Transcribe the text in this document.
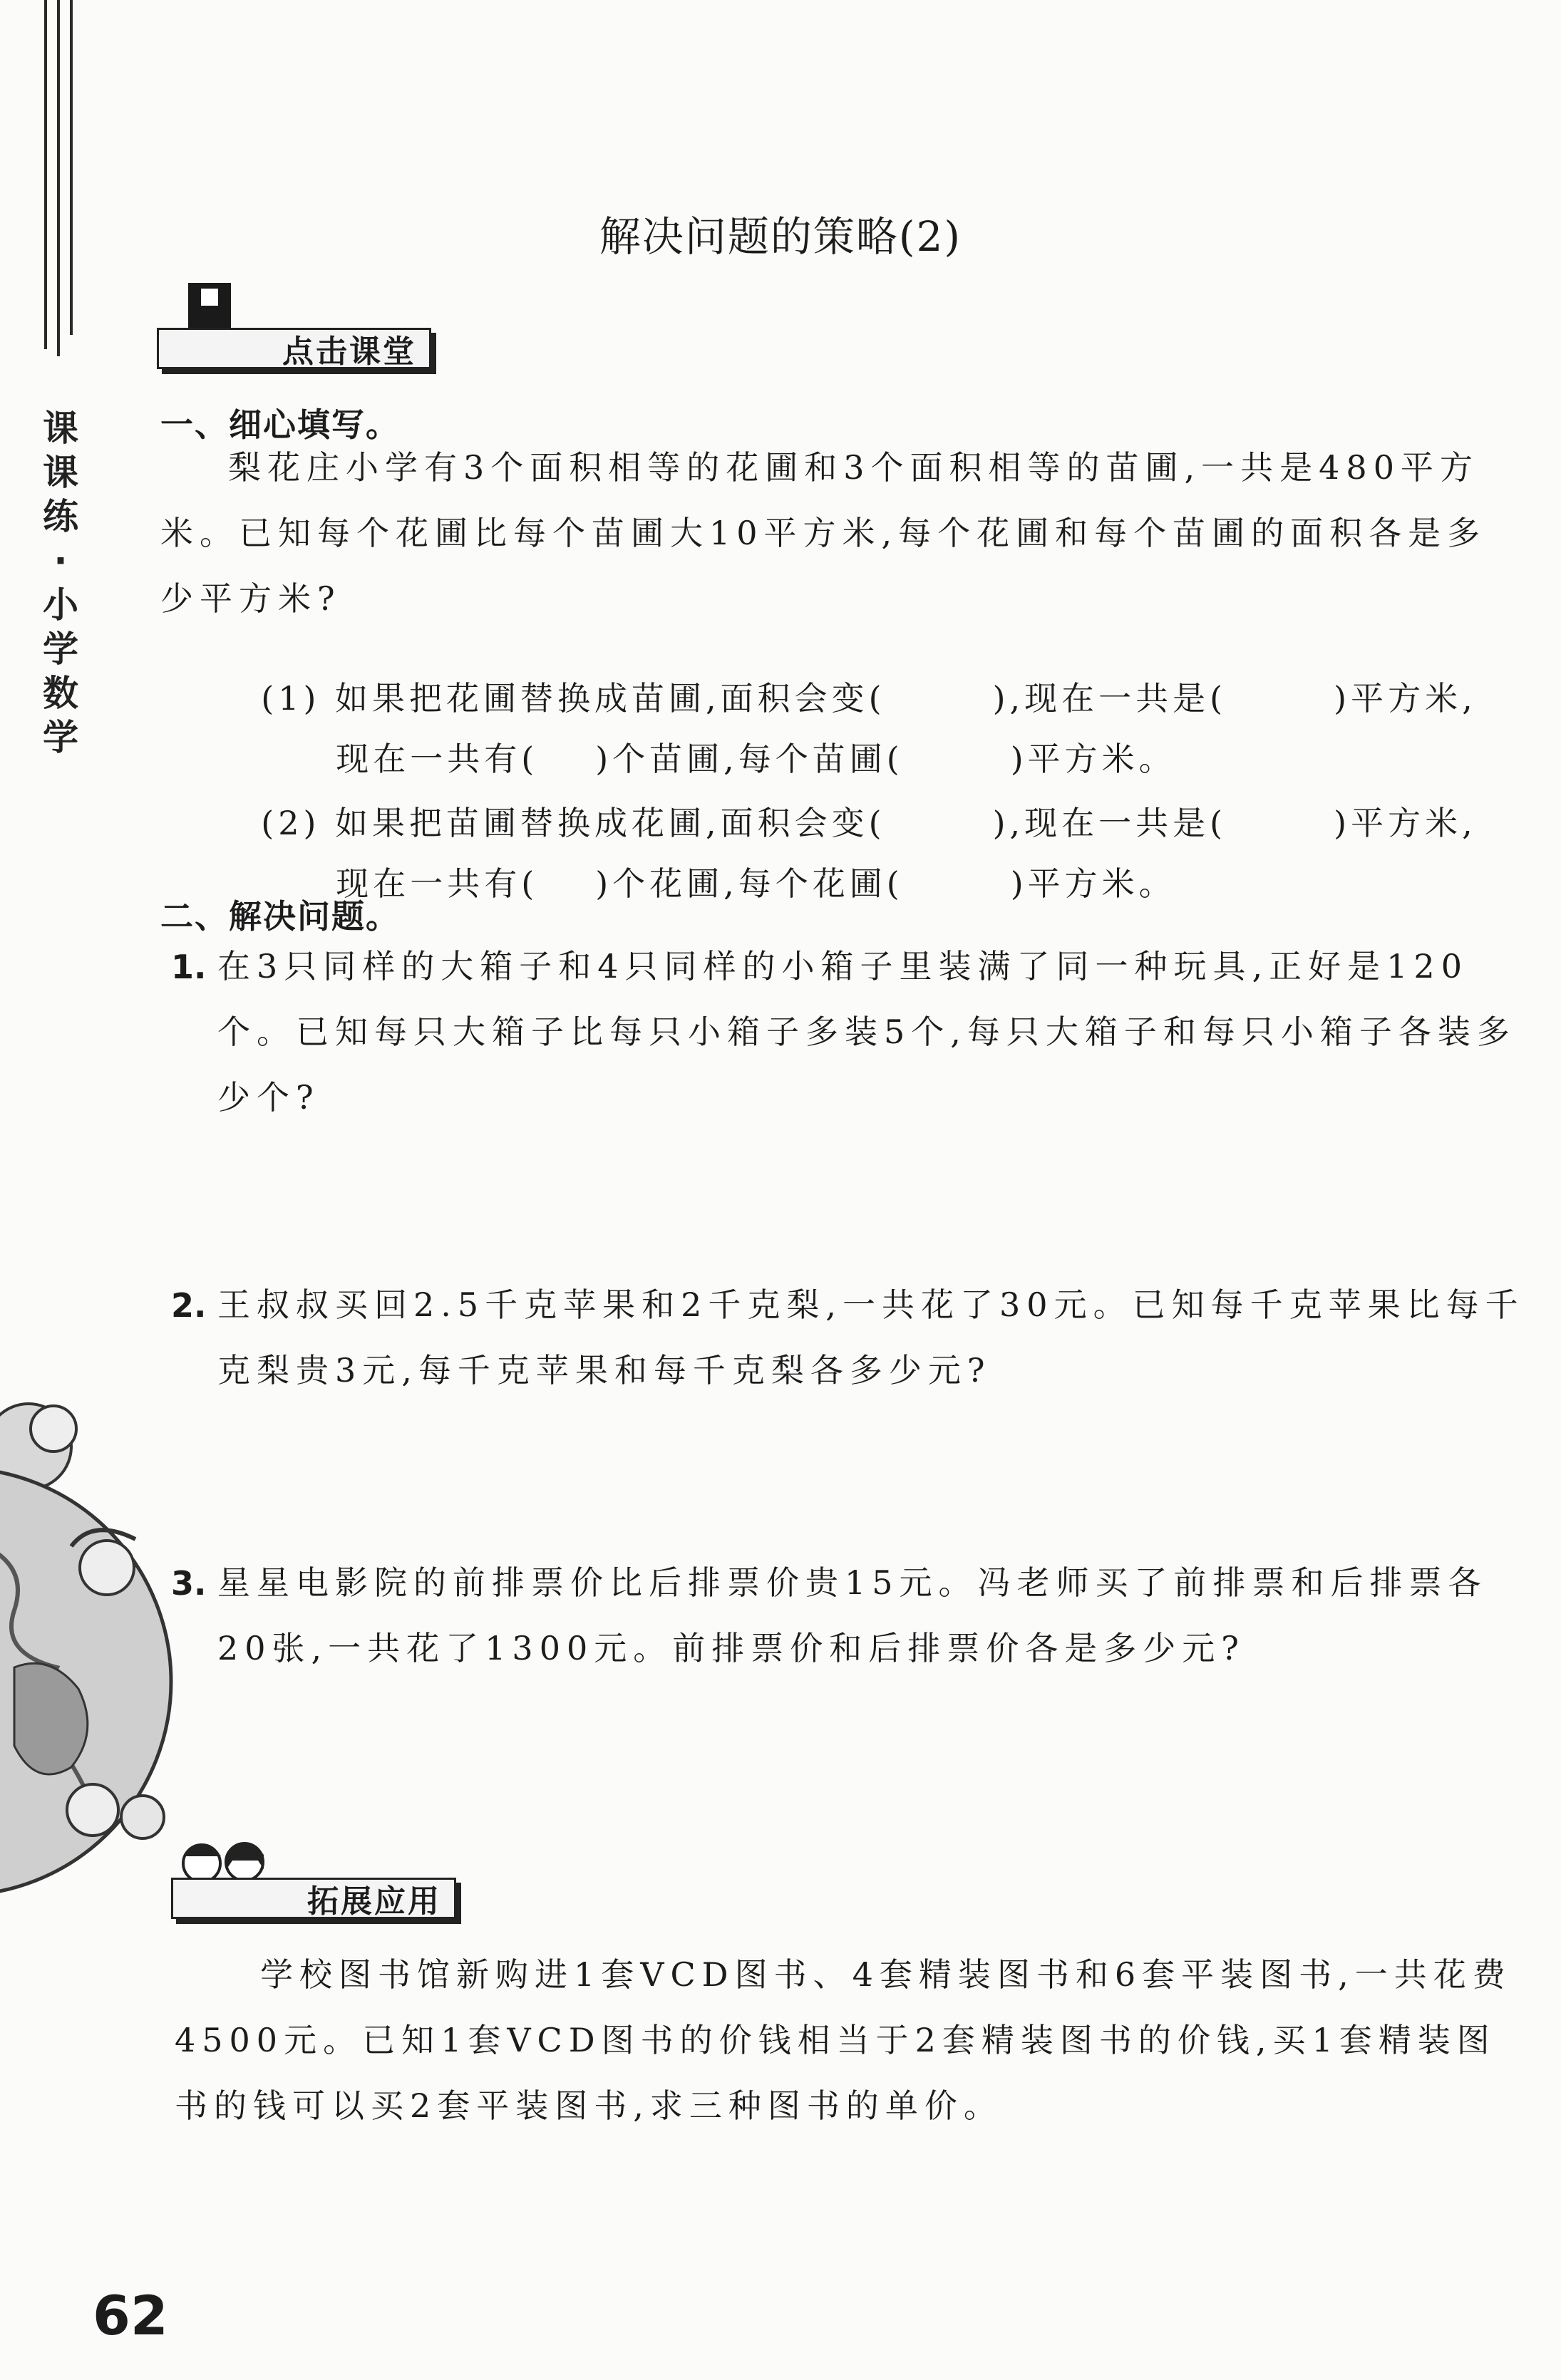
课
课
练
·
小
学
数
学
解决问题的策略(2)
点击课堂
一、细心填写。
梨花庄小学有3个面积相等的花圃和3个面积相等的苗圃,一共是480平方米。已知每个花圃比每个苗圃大10平方米,每个花圃和每个苗圃的面积各是多少平方米?

(1) 如果把花圃替换成苗圃,面积会变(	),现在一共是(	)平方米,

现在一共有( )个苗圃,每个苗圃(	)平方米。

(2) 如果把苗圃替换成花圃,面积会变(	),现在一共是(	)平方米,

现在一共有( )个花圃,每个花圃(	)平方米。

二、解决问题。
1. 在3只同样的大箱子和4只同样的小箱子里装满了同一种玩具,正好是120个。已知每只大箱子比每只小箱子多装5个,每只大箱子和每只小箱子各装多少个?
2. 王叔叔买回2.5千克苹果和2千克梨,一共花了30元。已知每千克苹果比每千克梨贵3元,每千克苹果和每千克梨各多少元?
3. 星星电影院的前排票价比后排票价贵15元。冯老师买了前排票和后排票各20张,一共花了1300元。前排票价和后排票价各是多少元?
拓展应用
学校图书馆新购进1套VCD图书、4套精装图书和6套平装图书,一共花费4500元。已知1套VCD图书的价钱相当于2套精装图书的价钱,买1套精装图书的钱可以买2套平装图书,求三种图书的单价。
62
